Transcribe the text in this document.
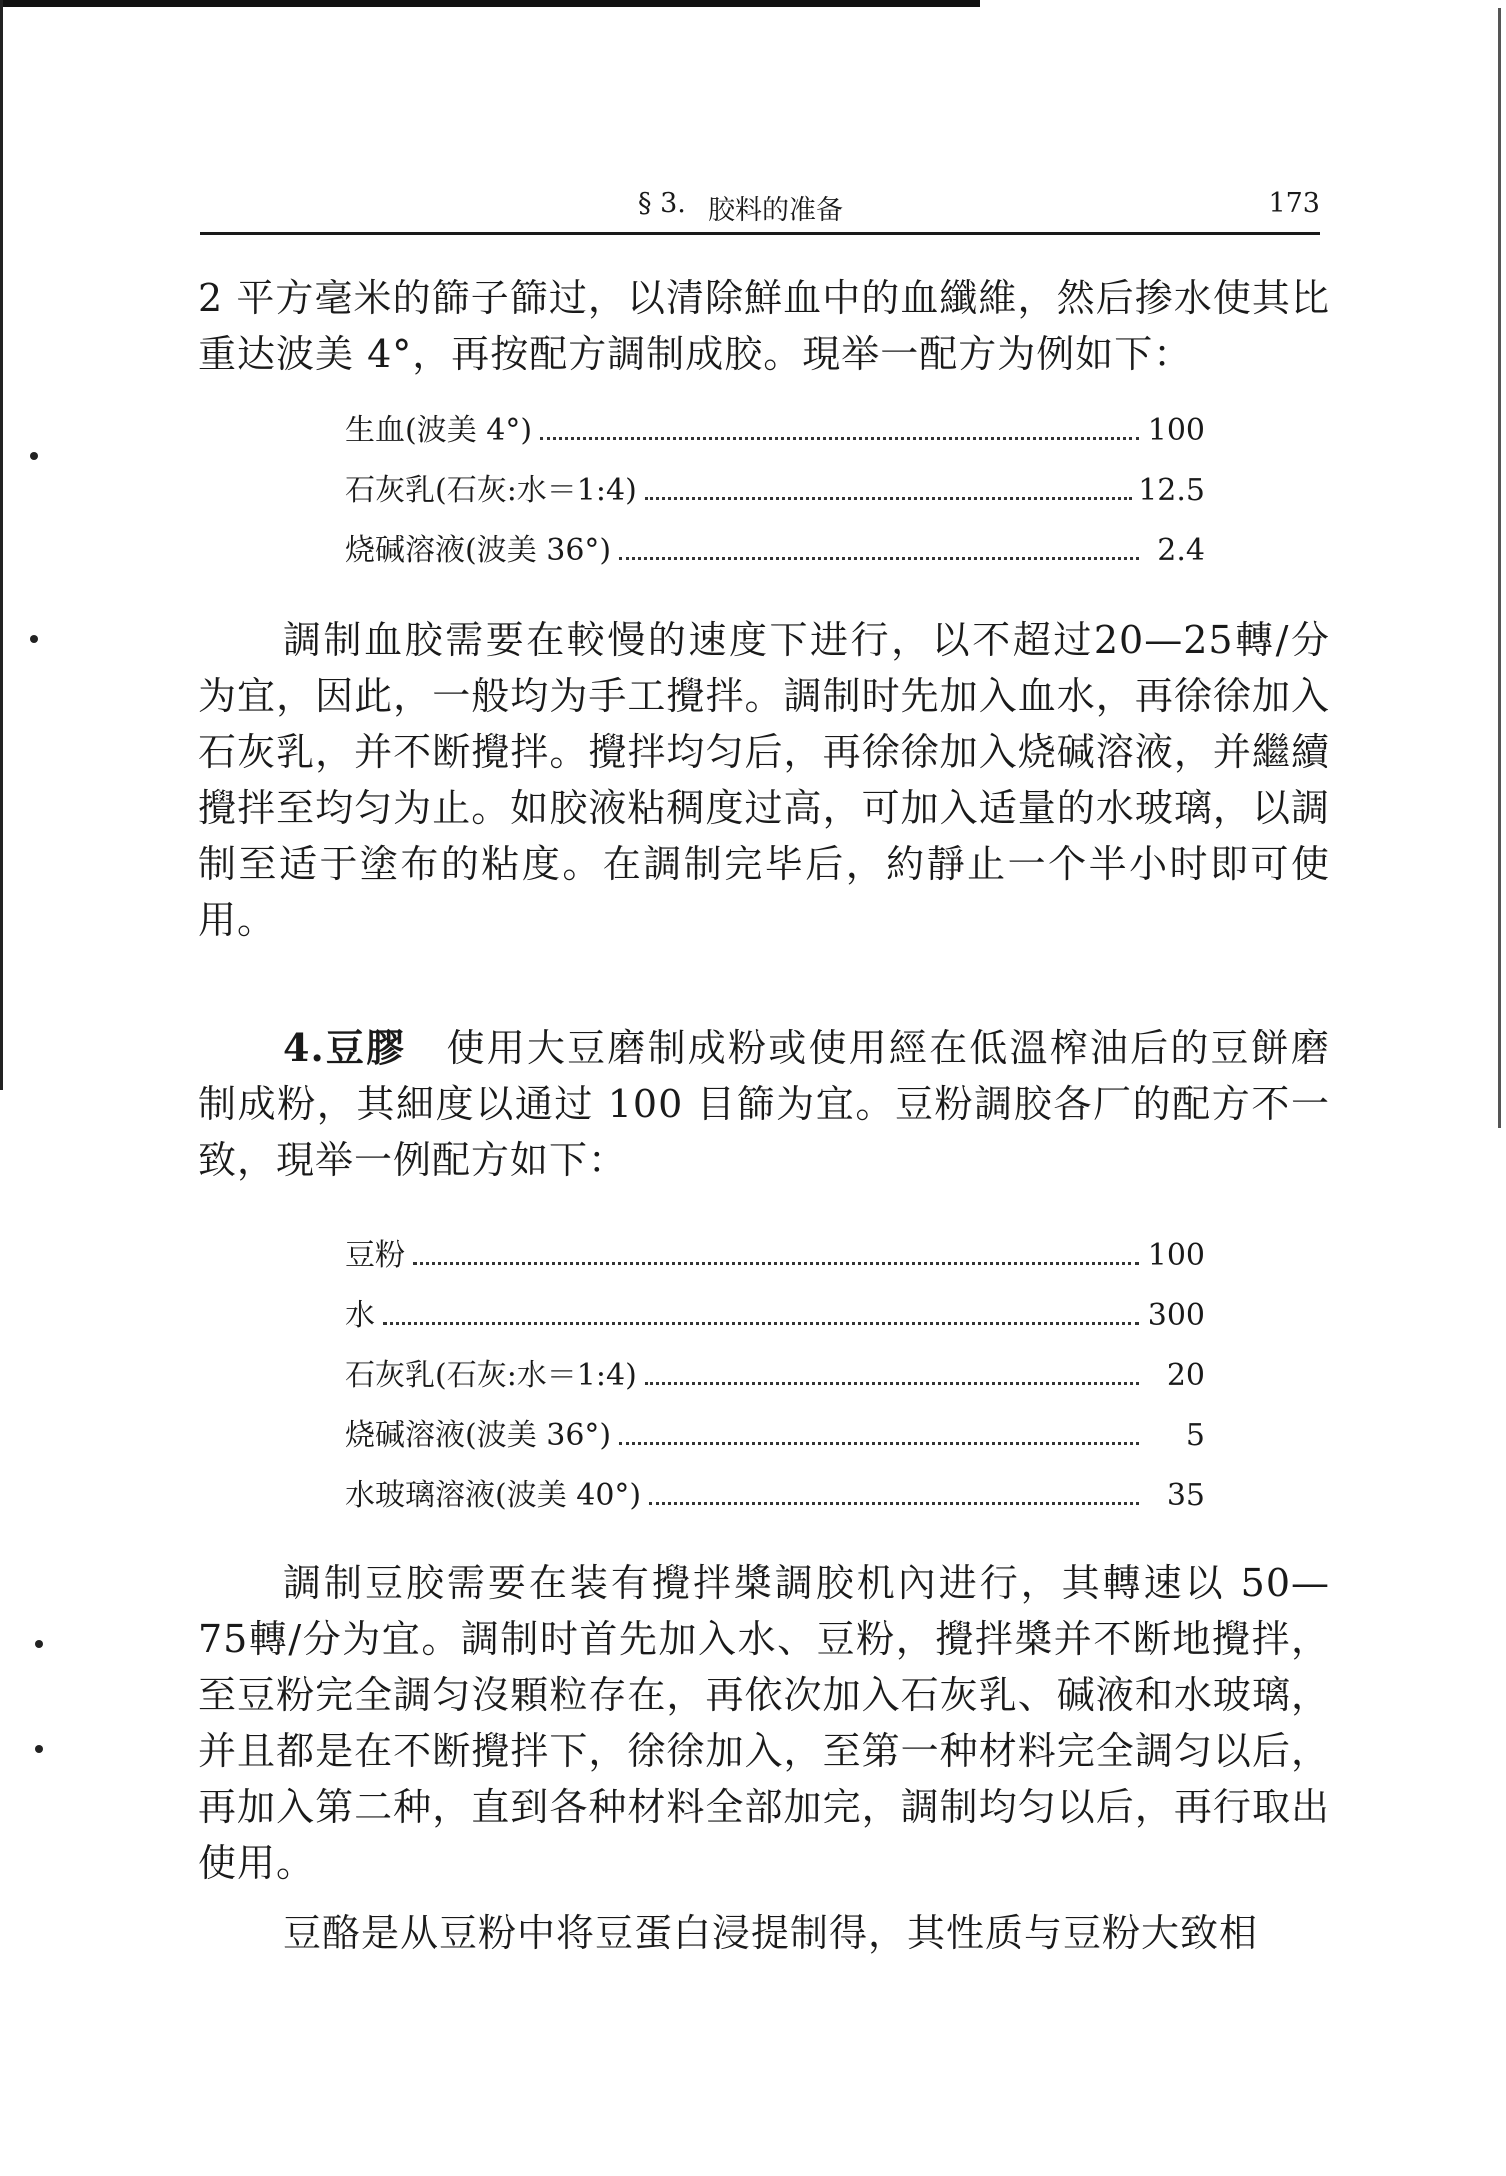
§ 3. 胶料的准备	173

2 平方毫米的篩子篩过，以清除鮮血中的血纖維，然后掺水使其比重达波美 4°，再按配方調制成胶。現举一配方为例如下：

生血(波美 4°)	100
石灰乳(石灰:水＝1:4)	12.5
烧碱溶液(波美 36°)	2.4

調制血胶需要在較慢的速度下进行，以不超过20—25轉/分为宜，因此，一般均为手工攪拌。調制时先加入血水，再徐徐加入石灰乳，并不断攪拌。攪拌均匀后，再徐徐加入烧碱溶液，并繼續攪拌至均匀为止。如胶液粘稠度过高，可加入适量的水玻璃，以調制至适于塗布的粘度。在調制完毕后，約靜止一个半小时即可使用。

4.豆膠　 使用大豆磨制成粉或使用經在低溫榨油后的豆餅磨制成粉，其細度以通过 100 目篩为宜。豆粉調胶各厂的配方不一致，現举一例配方如下：

豆粉	100
水	300
石灰乳(石灰:水＝1:4)	20
烧碱溶液(波美 36°)	5
水玻璃溶液(波美 40°)	35

調制豆胶需要在装有攪拌槳調胶机內进行，其轉速以 50—75轉/分为宜。調制时首先加入水、豆粉，攪拌槳并不断地攪拌，至豆粉完全調匀沒顆粒存在，再依次加入石灰乳、碱液和水玻璃，并且都是在不断攪拌下，徐徐加入，至第一种材料完全調匀以后，再加入第二种，直到各种材料全部加完，調制均匀以后，再行取出使用。

豆酪是从豆粉中将豆蛋白浸提制得，其性质与豆粉大致相
